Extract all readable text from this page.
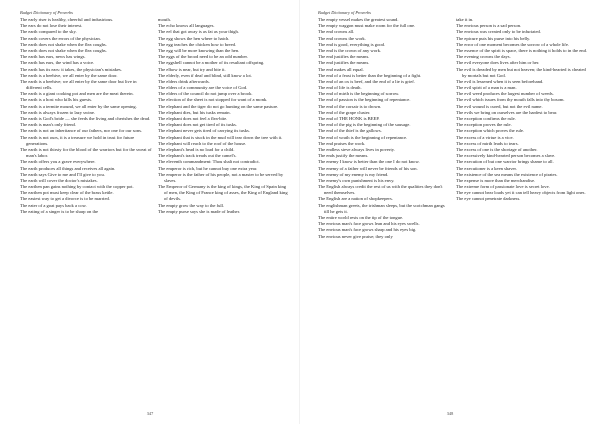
Budget Dictionary of Proverbs

The early riser is healthy, cheerful and industrious.

The ears do not lose their interest.

The earth compared to the sky.

The earth covers the errors of the physician.

The earth does not shake when the flea coughs.

The earth does not shake when the flea coughs.

The earth has ears, news has wings.

The earth has ears, the wind has a voice.

The earth has its ears: it takes, the physician's mistakes.

The earth is a beehive, we all enter by the same door.

The earth is a beehive; we all enter by the same door but live in different cells.

The earth is a giant cooking pot and men are the meat therein.

The earth is a host who kills his guests.

The earth is a termite mound, we all enter by the same opening.

The earth is always frozen to lazy swine.

The earth is God's bride — she feeds the living and cherishes the dead.

The earth is man's only friend.

The earth is not an inheritance of our fathers, nor one for our sons.

The earth is not ours, it is a treasure we hold in trust for future generations.

The earth is not thirsty for the blood of the warriors but for the sweat of man's labor.

The earth offers you a grave everywhere.

The earth produces all things and receives all again.

The earth says Give to me and I'll give to you.

The earth will cover the doctor's mistakes.

The earthen pan gains nothing by contact with the copper pot.

The earthen pot must keep clear of the brass kettle.

The easiest way to get a divorce is to be married.

The eater of a goat pays back a cow.

The eating of a singer is to be sharp on the

mouth.

The echo knows all languages.

The eel that got away is as fat as your thigh.

The egg shows the hen where to hatch.

The egg teaches the chicken how to breed.

The egg will be more knowing than the hen.

The eggs of the brood need to be an odd number.

The eggshell cannot be a mother of its resultant offspring.

The elbow is near, but try and bite it.

The elderly, even if deaf and blind, still know a lot.

The elders drink afterwards.

The elders of a community are the voice of God.

The elders of the council do not jump over a brook.

The election of the sheet is not stopped for want of a monk.

The elephant and the tiger do not go hunting on the same pasture.

The elephant dies, but his tusks remain.

The elephant does not feel a flea-bite.

The elephant does not get tired of its tusks.

The elephant never gets tired of carrying its tusks.

The elephant that is stuck in the mud will tear down the tree with it.

The elephant will reach to the roof of the house.

The elephant's head is no load for a child.

The elephant's track treads out the camel's.

The eleventh commandment: Thou shalt not contradict.

The emperor is rich, but he cannot buy one extra year.

The emperor is the father of his people, not a master to be served by slaves.

The Emperor of Germany is the king of kings, the King of Spain king of men, the King of France king of asses, the King of England king of devils.

The empty grow the way to the full.

The empty purse says she is made of leather.

347
Budget Dictionary of Proverbs

The empty vessel makes the greatest sound.

The empty waggon must make room for the full one.

The end crowns all.

The end crowns the work.

The end is good, everything is good.

The end is the crown of any work.

The end justifies the means.

The end justifies the means.

The end makes all equal.

The end of a feast is better than the beginning of a fight.

The end of an ox is beef, and the end of a lie is grief.

The end of life is death.

The end of mirth is the beginning of sorrow.

The end of passion is the beginning of repentance.

The end of the corsair is to drown.

The end of the grape cluster.

The end of THE HONK is BEEP.

The end of the pig is the beginning of the sausage.

The end of the thief is the gallows.

The end of wrath is the beginning of repentance.

The end praises the work.

The endless sieve always lives in poverty.

The ends justify the means.

The enemy I know is better than the one I do not know.

The enemy of a father will never be friends of his son.

The enemy of my enemy is my friend.

The enemy's own punishment is his envy.

The English always credit the rest of us with the qualities they don't need themselves.

The English are a nation of shopkeepers.

The englishman greets, the irishman sleeps, but the scotchman gangs till he gets it.

The entire world rests on the tip of the tongue.

The envious man's face grows lean and his eyes swells.

The envious man's face grows sharp and his eyes big.

The envious never give praise; they only

take it in.

The envious person is a sad person.

The envious was created only to be infuriated.

The epicure puts his purse into his belly.

The error of one moment becomes the sorrow of a whole life.

The essence of the spirit is space, there is nothing it holds to in the end.

The evening crowns the days.

The evil everyone does lives after him or her.

The evil is dreaded by men but not heaven; the kind-hearted is cheated by mortals but not God.

The evil is lessened when it is seen beforehand.

The evil spirit of a man is a man.

The evil weed produces the largest number of weeds.

The evil which issues from thy mouth falls into thy bosom.

The evil wound is cured, but not the evil name.

The evils we bring on ourselves are the hardest to bear.

The exception confirms the rule.

The exception proves the rule.

The exception which proves the rule.

The excess of a virtue is a vice.

The excess of mirth leads to tears.

The excess of one is the shortage of another.

The excessively kind-hearted person becomes a slave.

The execution of but one warrior brings shame to all.

The executioner is a keen shaver.

The existence of the sea means the existence of pirates.

The expense is more than the merchandise.

The extreme form of passionate love is secret love.

The eye cannot bear loads yet it can tell heavy objects from light ones.

The eye cannot penetrate darkness.

348
